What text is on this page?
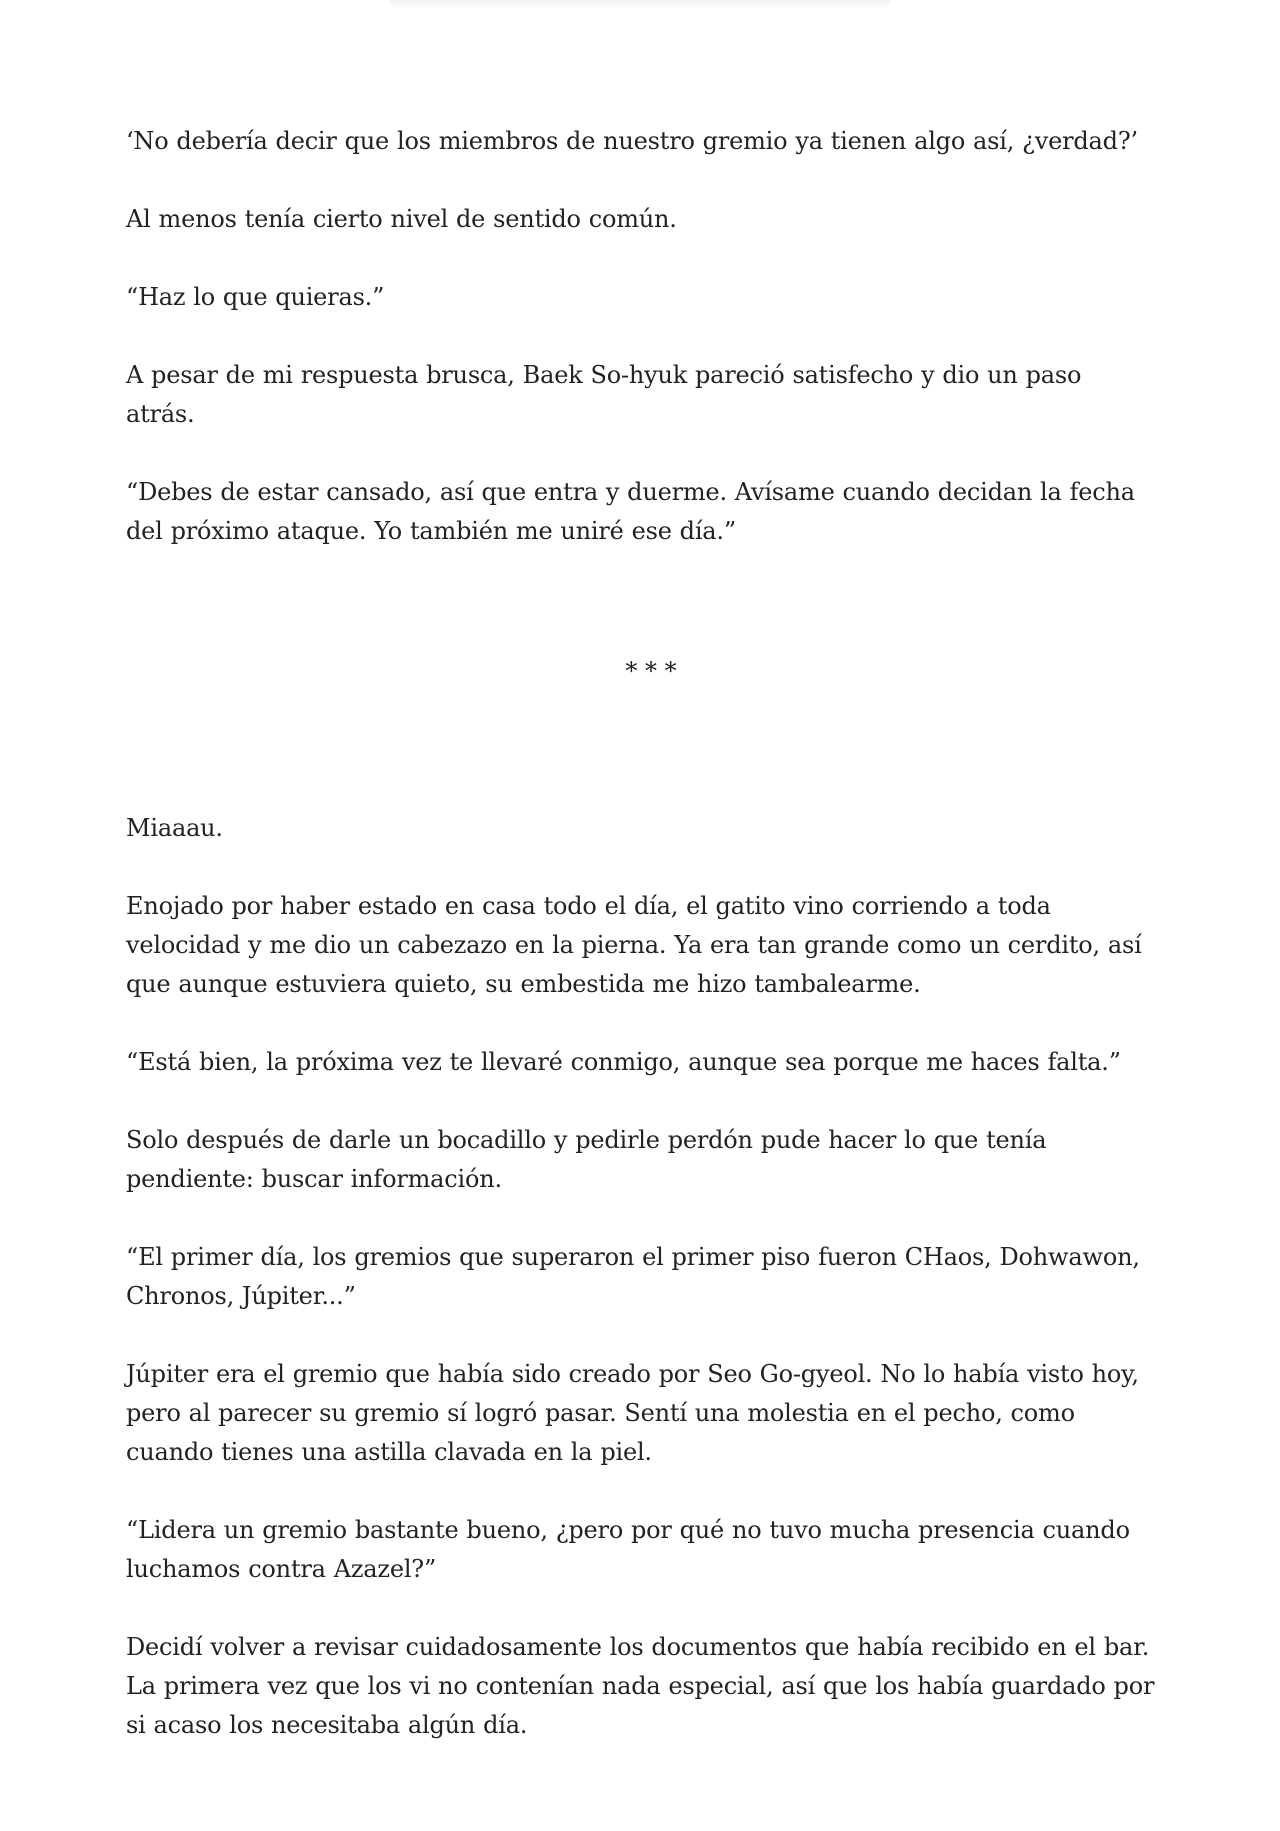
‘No debería decir que los miembros de nuestro gremio ya tienen algo así, ¿verdad?’

Al menos tenía cierto nivel de sentido común.

“Haz lo que quieras.”

A pesar de mi respuesta brusca, Baek So-hyuk pareció satisfecho y dio un paso atrás.

“Debes de estar cansado, así que entra y duerme. Avísame cuando decidan la fecha del próximo ataque. Yo también me uniré ese día.”

* * *

Miaaau.

Enojado por haber estado en casa todo el día, el gatito vino corriendo a toda velocidad y me dio un cabezazo en la pierna. Ya era tan grande como un cerdito, así que aunque estuviera quieto, su embestida me hizo tambalearme.

“Está bien, la próxima vez te llevaré conmigo, aunque sea porque me haces falta.”

Solo después de darle un bocadillo y pedirle perdón pude hacer lo que tenía pendiente: buscar información.

“El primer día, los gremios que superaron el primer piso fueron CHaos, Dohwawon, Chronos, Júpiter...”

Júpiter era el gremio que había sido creado por Seo Go-gyeol. No lo había visto hoy, pero al parecer su gremio sí logró pasar. Sentí una molestia en el pecho, como cuando tienes una astilla clavada en la piel.

“Lidera un gremio bastante bueno, ¿pero por qué no tuvo mucha presencia cuando luchamos contra Azazel?”

Decidí volver a revisar cuidadosamente los documentos que había recibido en el bar. La primera vez que los vi no contenían nada especial, así que los había guardado por si acaso los necesitaba algún día.
